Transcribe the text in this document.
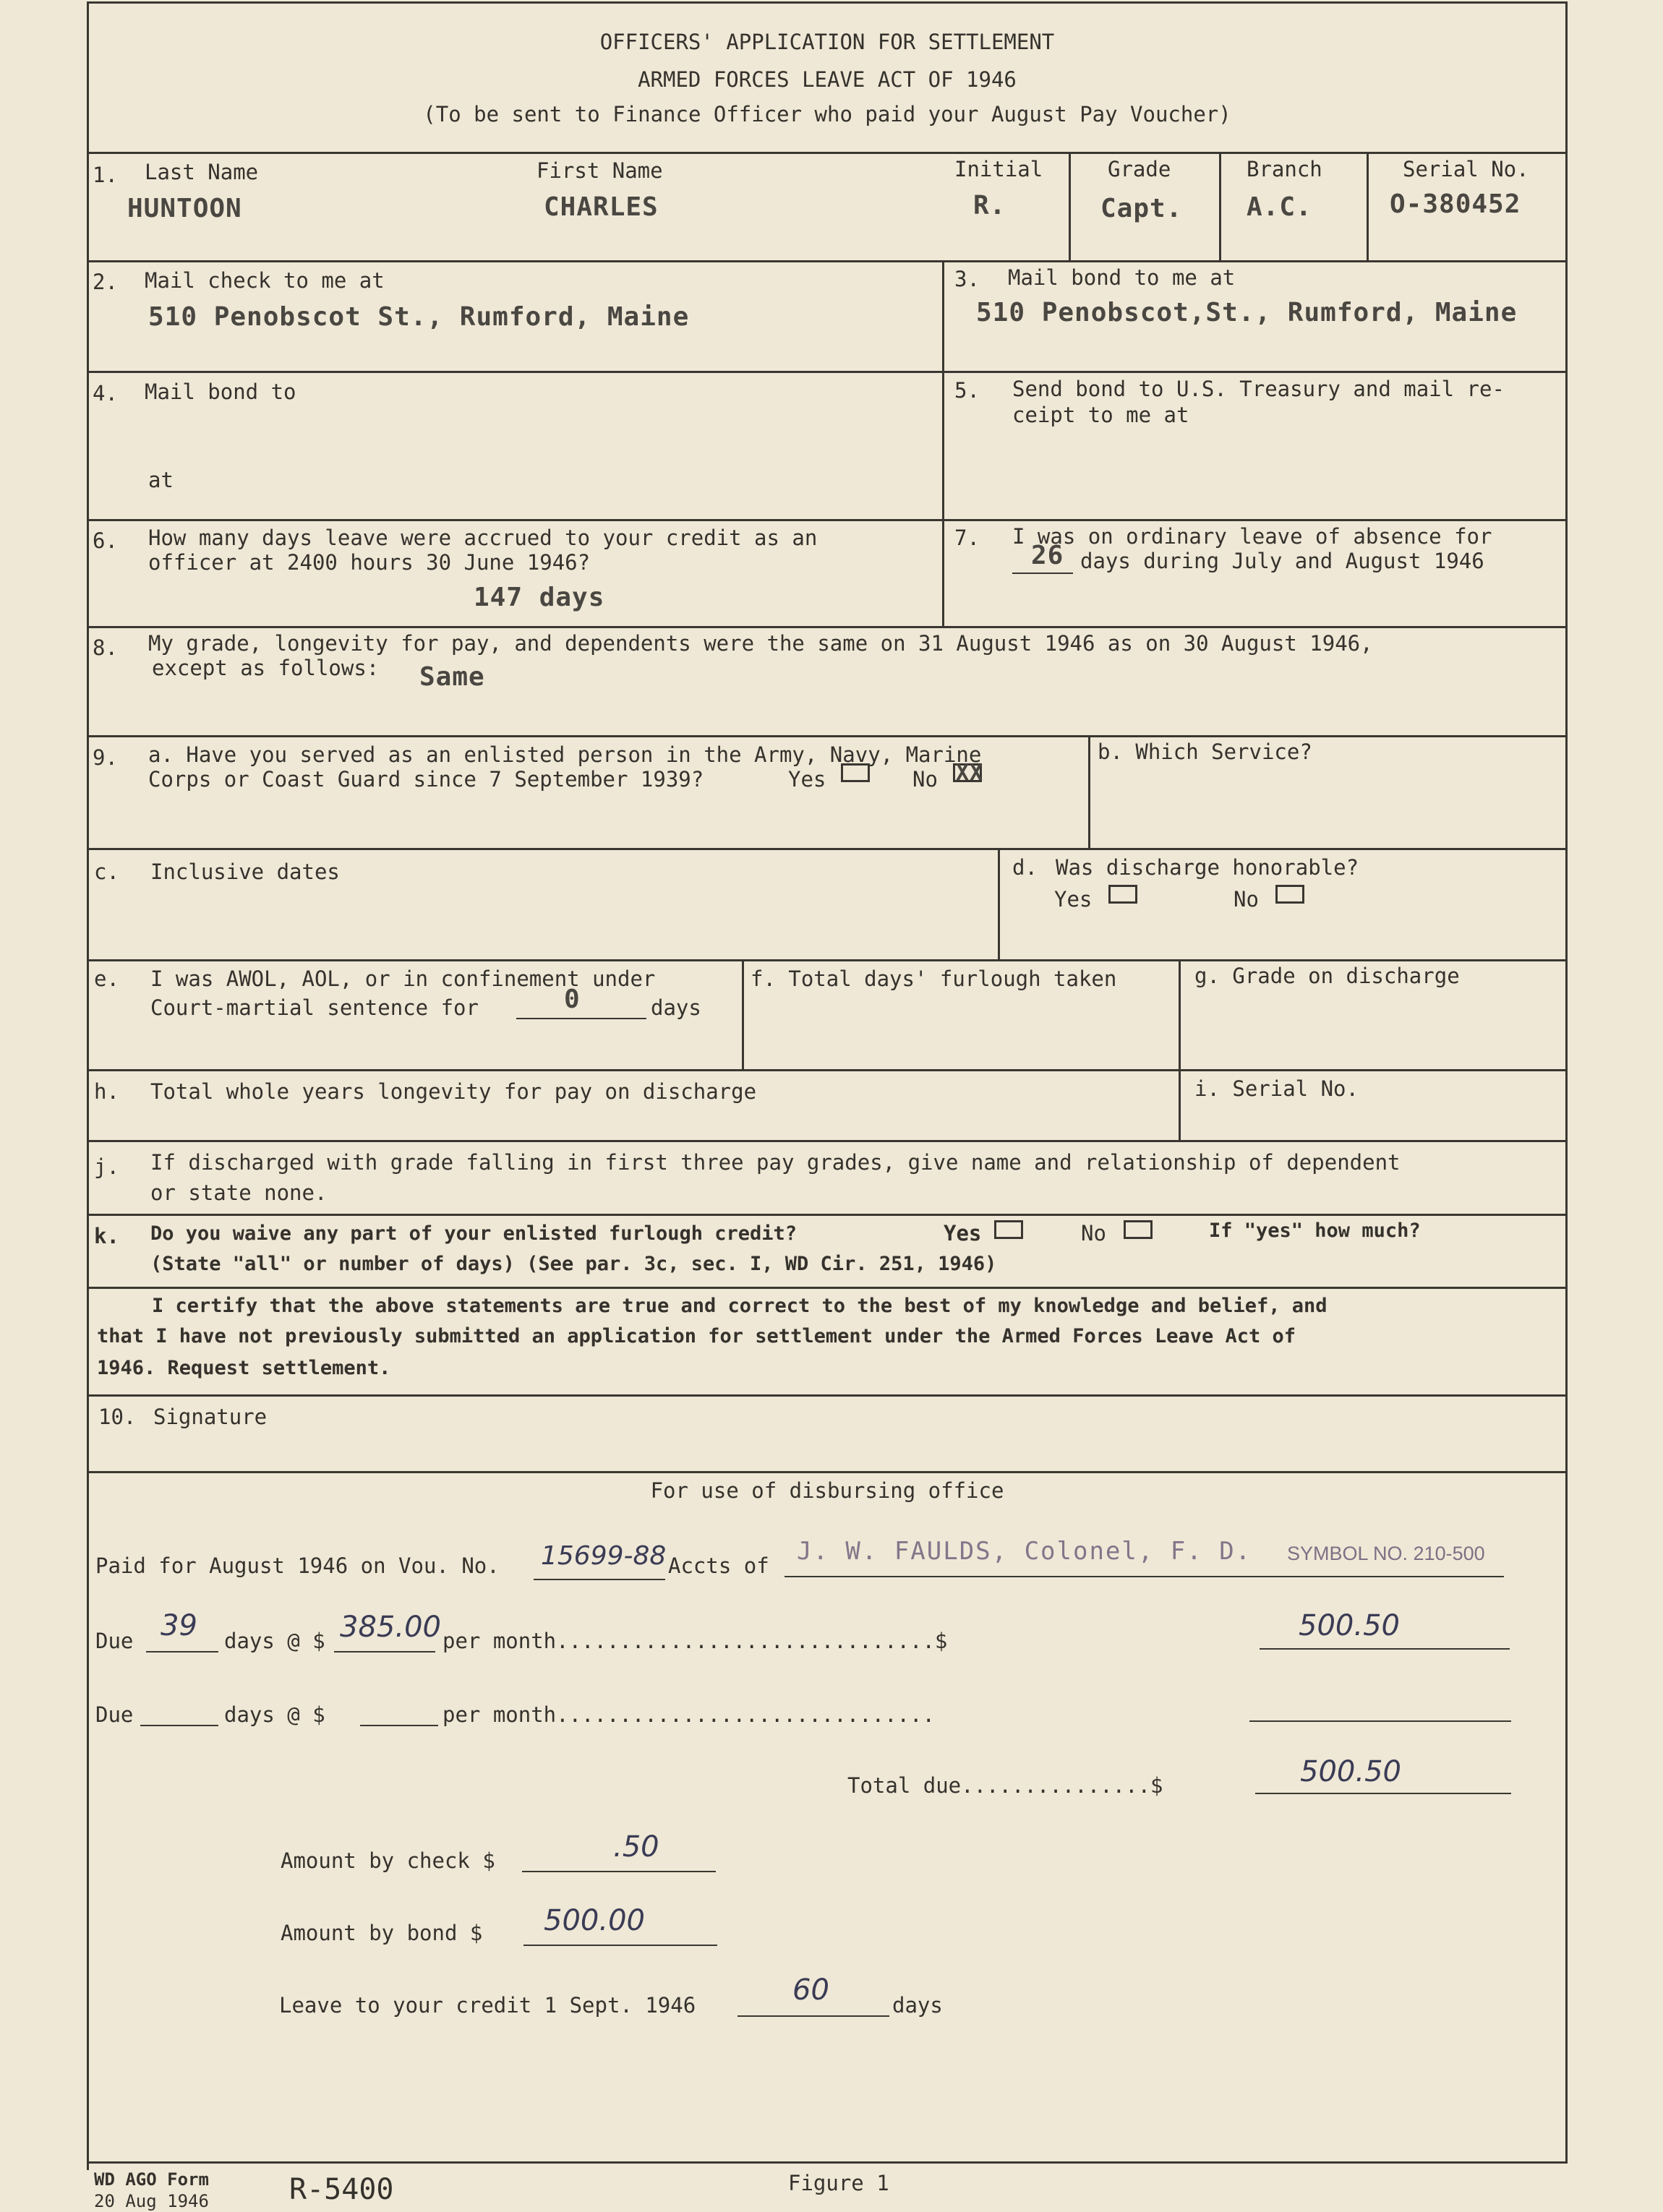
OFFICERS' APPLICATION FOR SETTLEMENT
ARMED FORCES LEAVE ACT OF 1946
(To be sent to Finance Officer who paid your August Pay Voucher)
1. Last Name
HUNTOON
First Name
CHARLES
Initial
R.
Grade
Capt.
Branch
A.C.
Serial No.
O-380452
2. Mail check to me at
510 Penobscot St., Rumford, Maine
3. Mail bond to me at
510 Penobscot,St., Rumford, Maine
4. Mail bond to
at
5. Send bond to U.S. Treasury and mail re-
ceipt to me at
6. How many days leave were accrued to your credit as an
officer at 2400 hours 30 June 1946?
147 days
7. I was on ordinary leave of absence for
26 days during July and August 1946
8. My grade, longevity for pay, and dependents were the same on 31 August 1946 as on 30 August 1946,
except as follows: Same
9. a. Have you served as an enlisted person in the Army, Navy, Marine
Corps or Coast Guard since 7 September 1939?	Yes	No XX
b. Which Service?
c. Inclusive dates	d. Was discharge honorable?
Yes	No
e. I was AWOL, AOL, or in confinement under
Court-martial sentence for	0	days
f. Total days' furlough taken	g. Grade on discharge
h. Total whole years longevity for pay on discharge	i. Serial No.
j. If discharged with grade falling in first three pay grades, give name and relationship of dependent
or state none.
k. Do you waive any part of your enlisted furlough credit?	Yes	No	If "yes" how much?
(State "all" or number of days) (See par. 3c, sec. I, WD Cir. 251, 1946)
I certify that the above statements are true and correct to the best of my knowledge and belief, and
that I have not previously submitted an application for settlement under the Armed Forces Leave Act of
1946. Request settlement.
10. Signature
For use of disbursing office
Paid for August 1946 on Vou. No. 15699-88 Accts of J. W. FAULDS, Colonel, F. D. SYMBOL NO. 210-500
Due 39 days @ $ 385.00 per month..............................$	500.50
Due	days @ $	per month..............................
Total due...............$	500.50
Amount by check $	.50
Amount by bond $ 500.00
Leave to your credit 1 Sept. 1946	60	days
WD AGO Form
20 Aug 1946	R-5400	Figure 1
